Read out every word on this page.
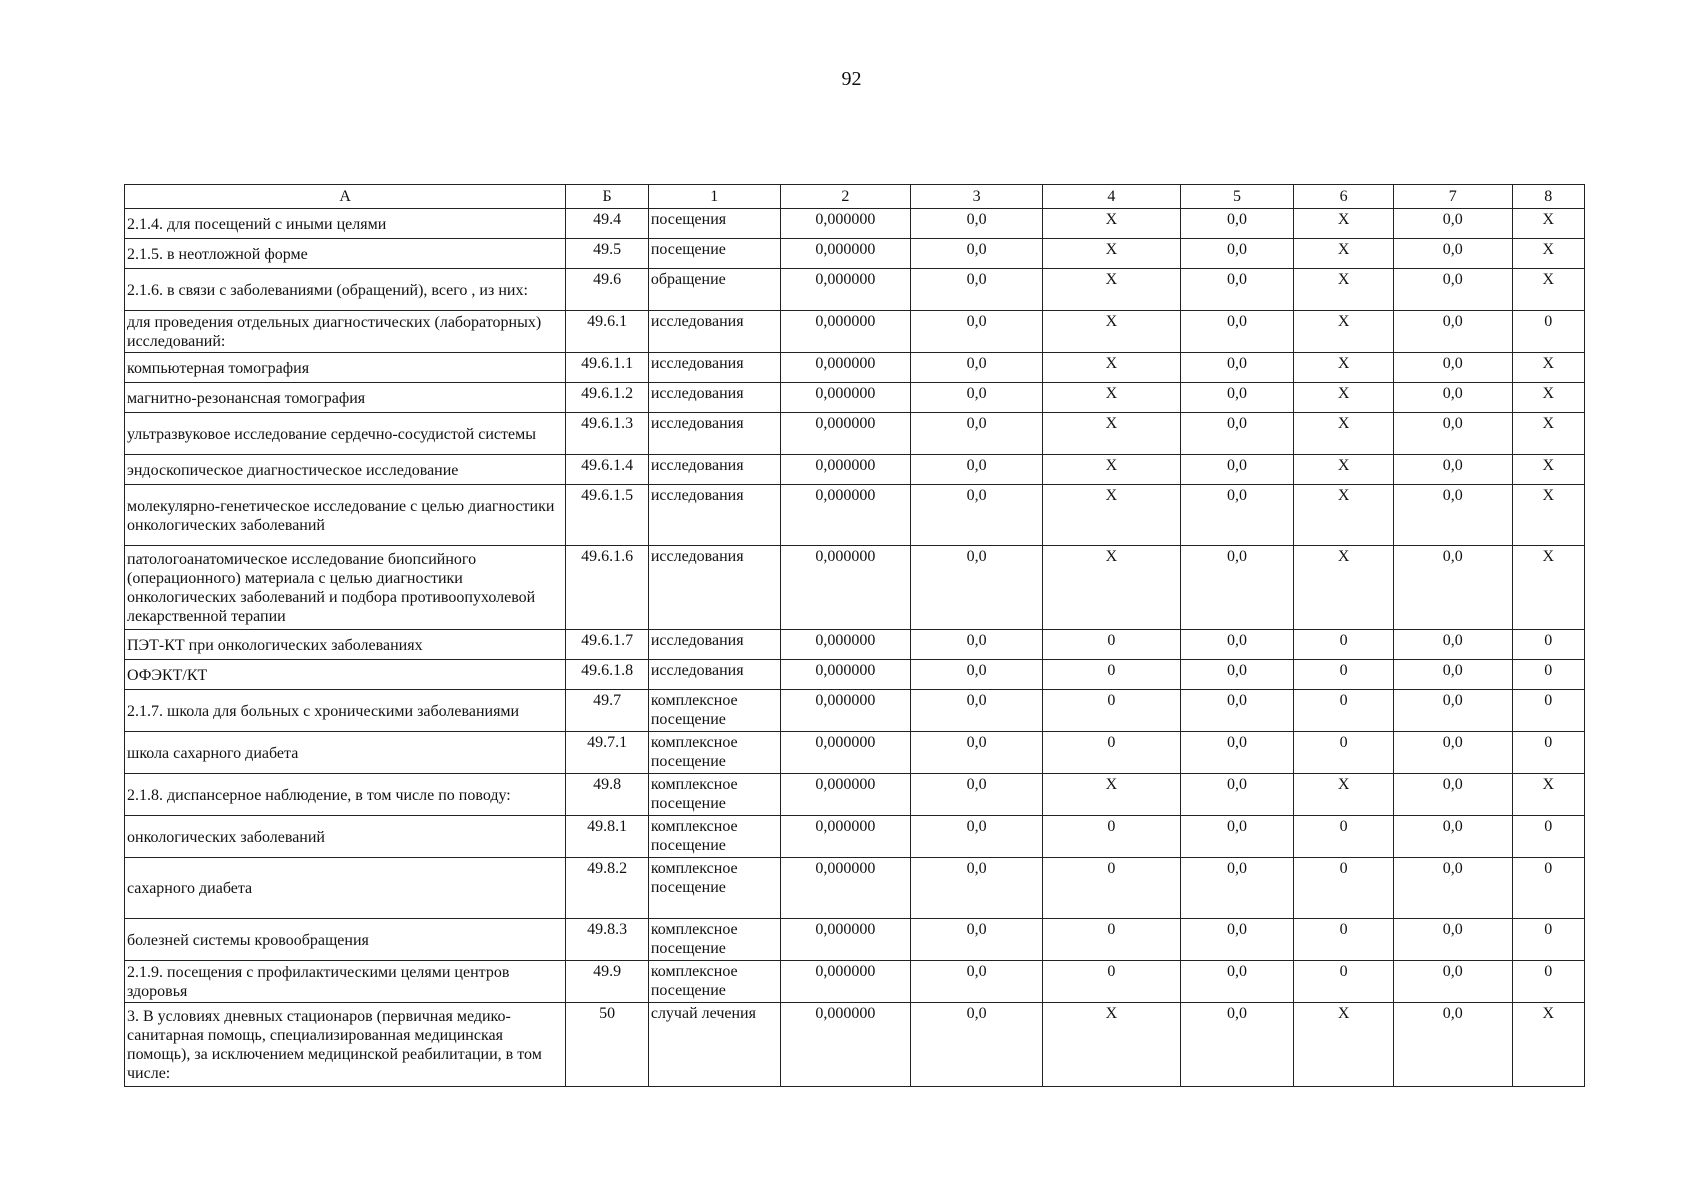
92
А	Б	1	2	3	4	5	6	7	8
2.1.4. для посещений с иными целями	49.4	посещения	0,000000	0,0	X	0,0	X	0,0	X
2.1.5. в неотложной форме	49.5	посещение	0,000000	0,0	X	0,0	X	0,0	X
2.1.6. в связи с заболеваниями (обращений), всего , из них:	49.6	обращение	0,000000	0,0	X	0,0	X	0,0	X
для проведения отдельных диагностических (лабораторных) исследований:	49.6.1	исследования	0,000000	0,0	X	0,0	X	0,0	0
компьютерная томография	49.6.1.1	исследования	0,000000	0,0	X	0,0	X	0,0	X
магнитно-резонансная томография	49.6.1.2	исследования	0,000000	0,0	X	0,0	X	0,0	X
ультразвуковое исследование сердечно-сосудистой системы	49.6.1.3	исследования	0,000000	0,0	X	0,0	X	0,0	X
эндоскопическое диагностическое исследование	49.6.1.4	исследования	0,000000	0,0	X	0,0	X	0,0	X
молекулярно-генетическое исследование с целью диагностики онкологических заболеваний	49.6.1.5	исследования	0,000000	0,0	X	0,0	X	0,0	X
патологоанатомическое исследование биопсийного (операционного) материала с целью диагностики онкологических заболеваний и подбора противоопухолевой лекарственной терапии	49.6.1.6	исследования	0,000000	0,0	X	0,0	X	0,0	X
ПЭТ-КТ при онкологических заболеваниях	49.6.1.7	исследования	0,000000	0,0	0	0,0	0	0,0	0
ОФЭКТ/КТ	49.6.1.8	исследования	0,000000	0,0	0	0,0	0	0,0	0
2.1.7. школа для больных с хроническими заболеваниями	49.7	комплексное посещение	0,000000	0,0	0	0,0	0	0,0	0
школа сахарного диабета	49.7.1	комплексное посещение	0,000000	0,0	0	0,0	0	0,0	0
2.1.8. диспансерное наблюдение, в том числе по поводу:	49.8	комплексное посещение	0,000000	0,0	X	0,0	X	0,0	X
онкологических заболеваний	49.8.1	комплексное посещение	0,000000	0,0	0	0,0	0	0,0	0
сахарного диабета	49.8.2	комплексное посещение	0,000000	0,0	0	0,0	0	0,0	0
болезней системы кровообращения	49.8.3	комплексное посещение	0,000000	0,0	0	0,0	0	0,0	0
2.1.9. посещения с профилактическими целями центров здоровья	49.9	комплексное посещение	0,000000	0,0	0	0,0	0	0,0	0
3. В условиях дневных стационаров (первичная медико-санитарная помощь, специализированная медицинская помощь), за исключением медицинской реабилитации, в том числе:	50	случай лечения	0,000000	0,0	X	0,0	X	0,0	X
